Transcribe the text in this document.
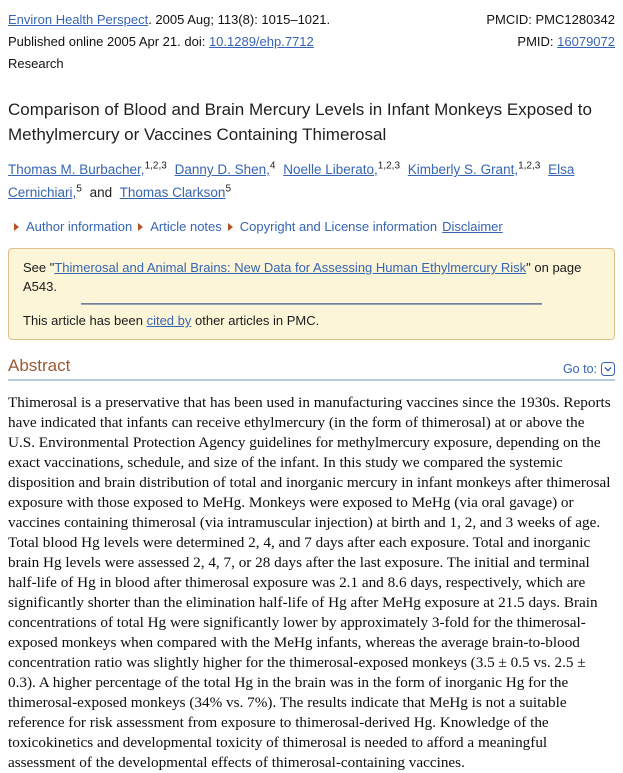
Environ Health Perspect. 2005 Aug; 113(8): 1015–1021.
Published online 2005 Apr 21. doi: 10.1289/ehp.7712
PMCID: PMC1280342
PMID: 16079072
Research
Comparison of Blood and Brain Mercury Levels in Infant Monkeys Exposed to Methylmercury or Vaccines Containing Thimerosal
Thomas M. Burbacher,$^{1,2,3}$ Danny D. Shen,$^4$ Noelle Liberato,$^{1,2,3}$ Kimberly S. Grant,$^{1,2,3}$ Elsa Cernichiari,$^5$ and Thomas Clarkson$^5$
Author information Article notes Copyright and License information Disclaimer
See "Thimerosal and Animal Brains: New Data for Assessing Human Ethylmercury Risk" on page A543.
This article has been cited by other articles in PMC.
Abstract	Go to:

Thimerosal is a preservative that has been used in manufacturing vaccines since the 1930s. Reports have indicated that infants can receive ethylmercury (in the form of thimerosal) at or above the U.S. Environmental Protection Agency guidelines for methylmercury exposure, depending on the exact vaccinations, schedule, and size of the infant. In this study we compared the systemic disposition and brain distribution of total and inorganic mercury in infant monkeys after thimerosal exposure with those exposed to MeHg. Monkeys were exposed to MeHg (via oral gavage) or vaccines containing thimerosal (via intramuscular injection) at birth and 1, 2, and 3 weeks of age. Total blood Hg levels were determined 2, 4, and 7 days after each exposure. Total and inorganic brain Hg levels were assessed 2, 4, 7, or 28 days after the last exposure. The initial and terminal half-life of Hg in blood after thimerosal exposure was 2.1 and 8.6 days, respectively, which are significantly shorter than the elimination half-life of Hg after MeHg exposure at 21.5 days. Brain concentrations of total Hg were significantly lower by approximately 3-fold for the thimerosal-exposed monkeys when compared with the MeHg infants, whereas the average brain-to-blood concentration ratio was slightly higher for the thimerosal-exposed monkeys (3.5 ± 0.5 vs. 2.5 ± 0.3). A higher percentage of the total Hg in the brain was in the form of inorganic Hg for the thimerosal-exposed monkeys (34% vs. 7%). The results indicate that MeHg is not a suitable reference for risk assessment from exposure to thimerosal-derived Hg. Knowledge of the toxicokinetics and developmental toxicity of thimerosal is needed to afford a meaningful assessment of the developmental effects of thimerosal-containing vaccines.
